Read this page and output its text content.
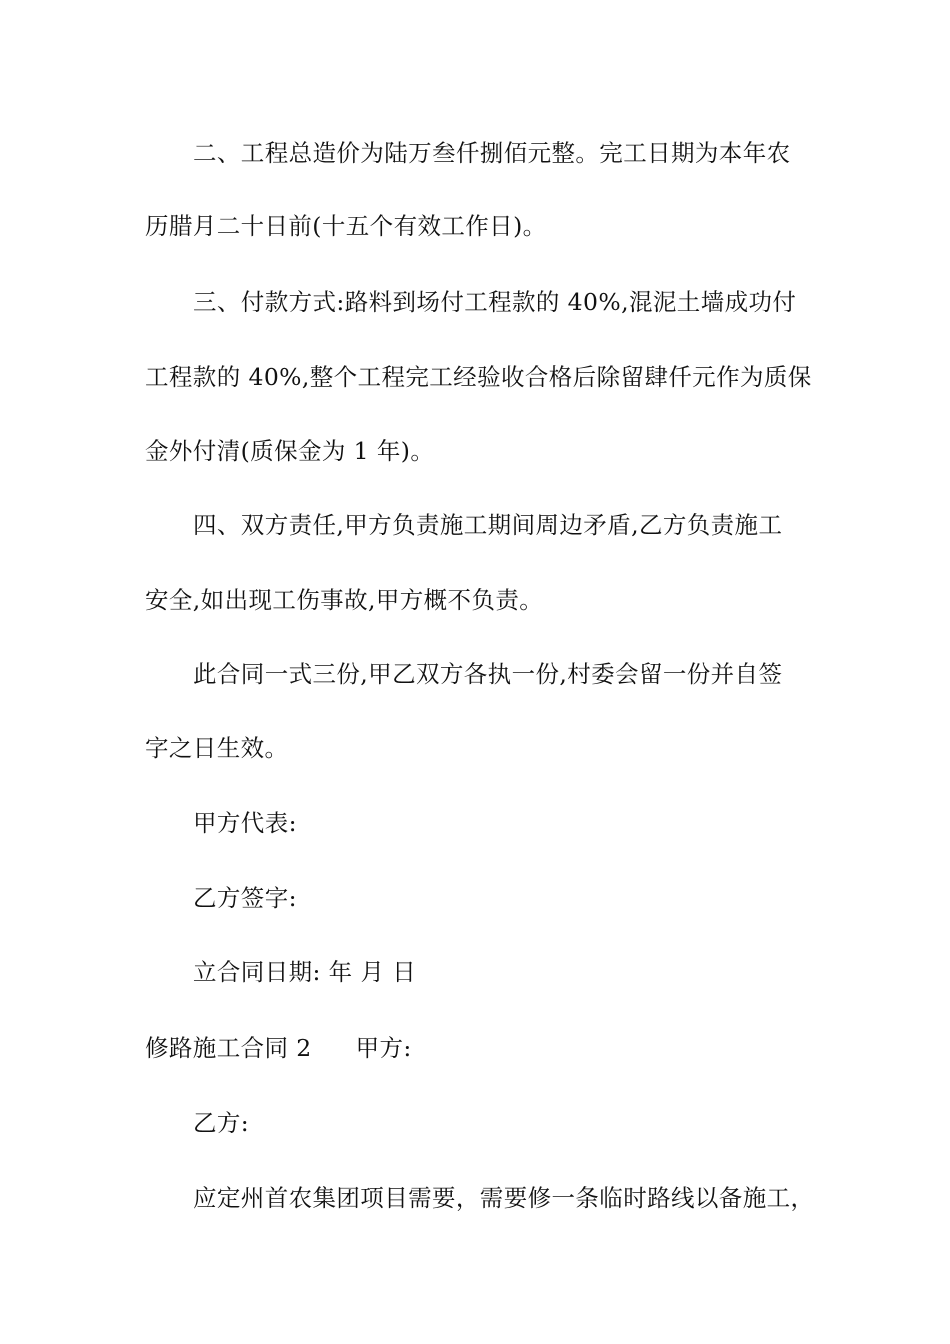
二、工程总造价为陆万叁仟捌佰元整。完工日期为本年农
历腊月二十日前(十五个有效工作日)。
三、付款方式:路料到场付工程款的 40%,混泥土墙成功付
工程款的 40%,整个工程完工经验收合格后除留肆仟元作为质保
金外付清(质保金为 1 年)。
四、双方责任,甲方负责施工期间周边矛盾,乙方负责施工
安全,如出现工伤事故,甲方概不负责。
此合同一式三份,甲乙双方各执一份,村委会留一份并自签
字之日生效。
甲方代表:
乙方签字:
立合同日期: 年 月 日
修路施工合同 2 甲方:
乙方:
应定州首农集团项目需要，需要修一条临时路线以备施工，
